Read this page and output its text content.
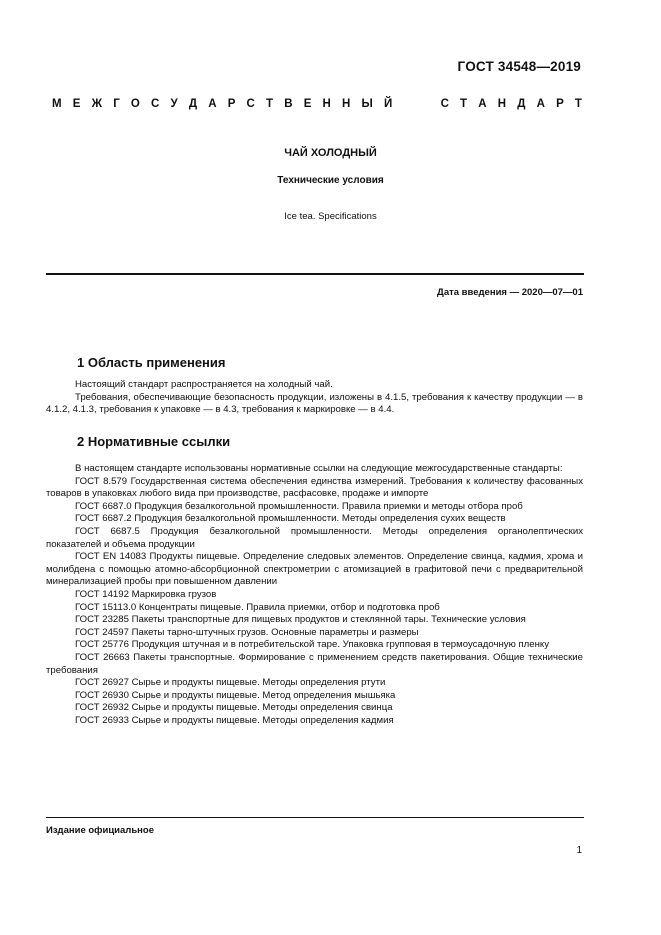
ГОСТ 34548—2019
М Е Ж Г О С У Д А Р С Т В Е Н Н Ы Й	С Т А Н Д А Р Т
ЧАЙ ХОЛОДНЫЙ
Технические условия
Ice tea. Specifications
Дата введения — 2020—07—01
1 Область применения

Настоящий стандарт распространяется на холодный чай.

Требования, обеспечивающие безопасность продукции, изложены в 4.1.5, требования к качеству продукции — в 4.1.2, 4.1.3, требования к упаковке — в 4.3, требования к маркировке — в 4.4.

2 Нормативные ссылки

В настоящем стандарте использованы нормативные ссылки на следующие межгосударственные стандарты:

ГОСТ 8.579 Государственная система обеспечения единства измерений. Требования к количеству фасованных товаров в упаковках любого вида при производстве, расфасовке, продаже и импорте

ГОСТ 6687.0 Продукция безалкогольной промышленности. Правила приемки и методы отбора проб

ГОСТ 6687.2 Продукция безалкогольной промышленности. Методы определения сухих веществ

ГОСТ 6687.5 Продукция безалкогольной промышленности. Методы определения органолептических показателей и объема продукции

ГОСТ EN 14083 Продукты пищевые. Определение следовых элементов. Определение свинца, кадмия, хрома и молибдена с помощью атомно-абсорбционной спектрометрии с атомизацией в графитовой печи с предварительной минерализацией пробы при повышенном давлении

ГОСТ 14192 Маркировка грузов

ГОСТ 15113.0 Концентраты пищевые. Правила приемки, отбор и подготовка проб

ГОСТ 23285 Пакеты транспортные для пищевых продуктов и стеклянной тары. Технические условия

ГОСТ 24597 Пакеты тарно-штучных грузов. Основные параметры и размеры

ГОСТ 25776 Продукция штучная и в потребительской таре. Упаковка групповая в термоусадочную пленку

ГОСТ 26663 Пакеты транспортные. Формирование с применением средств пакетирования. Общие технические требования

ГОСТ 26927 Сырье и продукты пищевые. Методы определения ртути

ГОСТ 26930 Сырье и продукты пищевые. Метод определения мышьяка

ГОСТ 26932 Сырье и продукты пищевые. Методы определения свинца

ГОСТ 26933 Сырье и продукты пищевые. Методы определения кадмия

Издание официальное
1
